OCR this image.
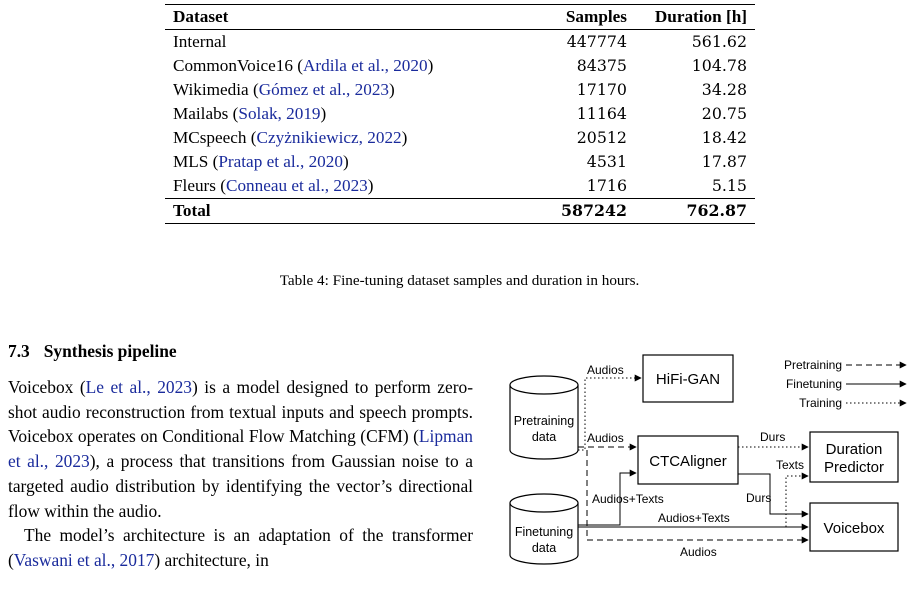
Dataset	Samples	Duration [h]
Internal	447774	561.62
CommonVoice16 (Ardila et al., 2020)	84375	104.78
Wikimedia (Gómez et al., 2023)	17170	34.28
Mailabs (Solak, 2019)	11164	20.75
MCspeech (Czyżnikiewicz, 2022)	20512	18.42
MLS (Pratap et al., 2020)	4531	17.87
Fleurs (Conneau et al., 2023)	1716	5.15
Total	587242	762.87
Table 4: Fine-tuning dataset samples and duration in hours.
7.3 Synthesis pipeline

Voicebox (Le et al., 2023) is a model designed to perform zero-shot audio reconstruction from textual inputs and speech prompts. Voicebox operates on Conditional Flow Matching (CFM) (Lipman et al., 2023), a process that transitions from Gaussian noise to a targeted audio distribution by identifying the vector’s directional flow within the audio.

The model’s architecture is an adaptation of the transformer (Vaswani et al., 2017) architecture, in

Pretraining
data
Finetuning
data
HiFi-GAN
CTCAligner
Duration
Predictor
Voicebox
Audios
Audios
Audios
Audios+Texts
Audios+Texts
Durs
Texts
Durs
Pretraining
Finetuning
Training
